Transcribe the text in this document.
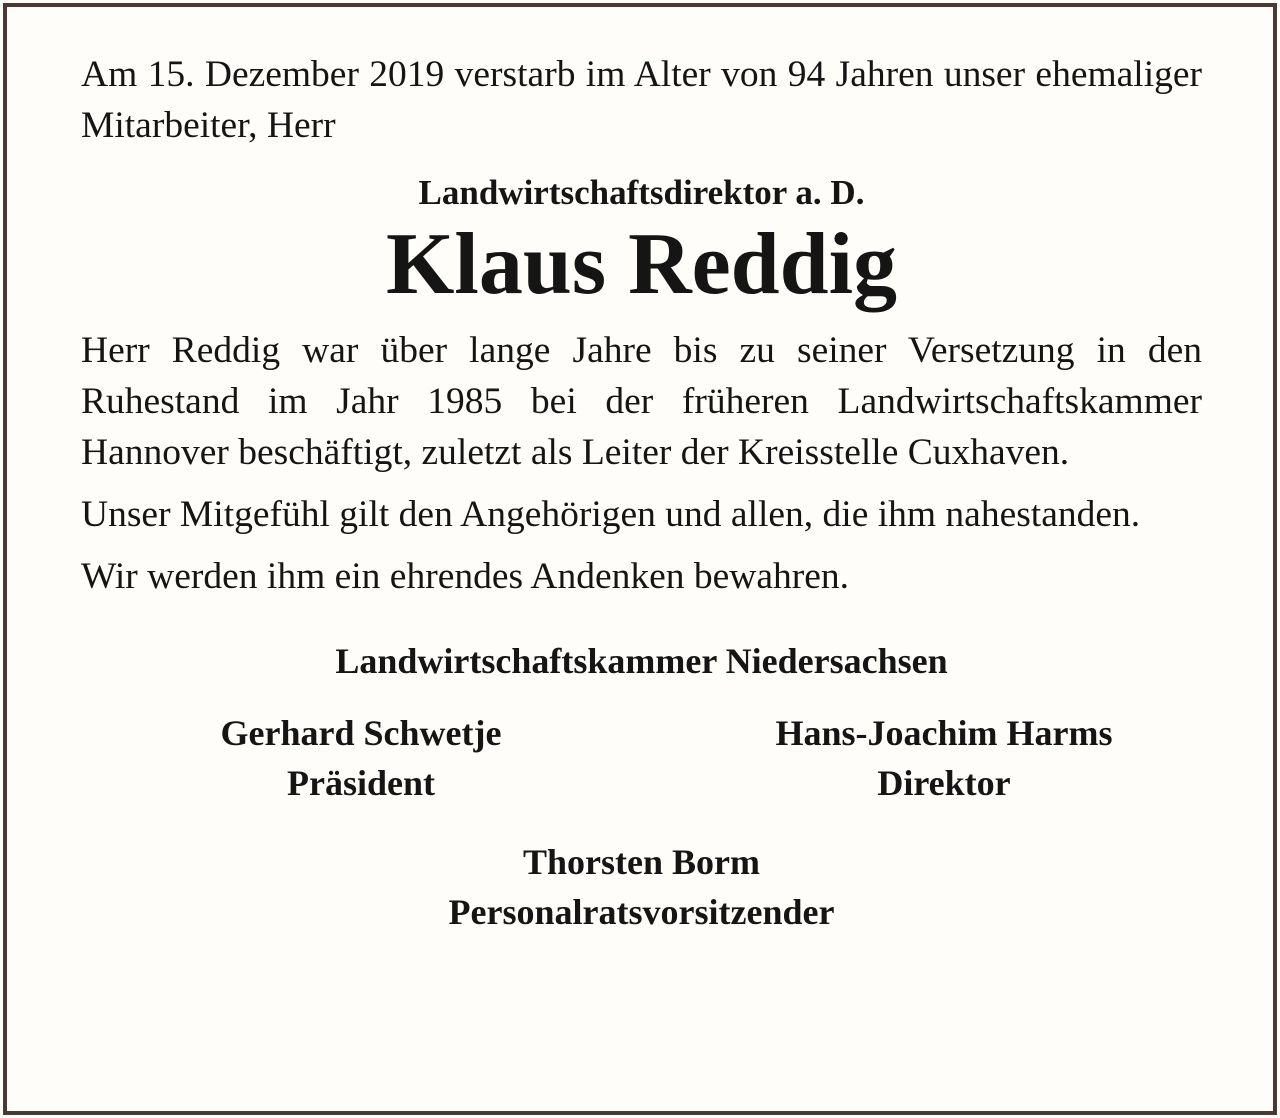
Am 15. Dezember 2019 verstarb im Alter von 94 Jahren unser ehemaliger Mitarbeiter, Herr

Landwirtschaftsdirektor a. D.

Klaus Reddig

Herr Reddig war über lange Jahre bis zu seiner Versetzung in den Ruhestand im Jahr 1985 bei der früheren Landwirtschaftskammer Hannover beschäftigt, zuletzt als Leiter der Kreisstelle Cuxhaven.

Unser Mitgefühl gilt den Angehörigen und allen, die ihm nahestanden.

Wir werden ihm ein ehrendes Andenken bewahren.

Landwirtschaftskammer Niedersachsen

Gerhard Schwetje
Präsident
Hans-Joachim Harms
Direktor
Thorsten Borm
Personalratsvorsitzender
